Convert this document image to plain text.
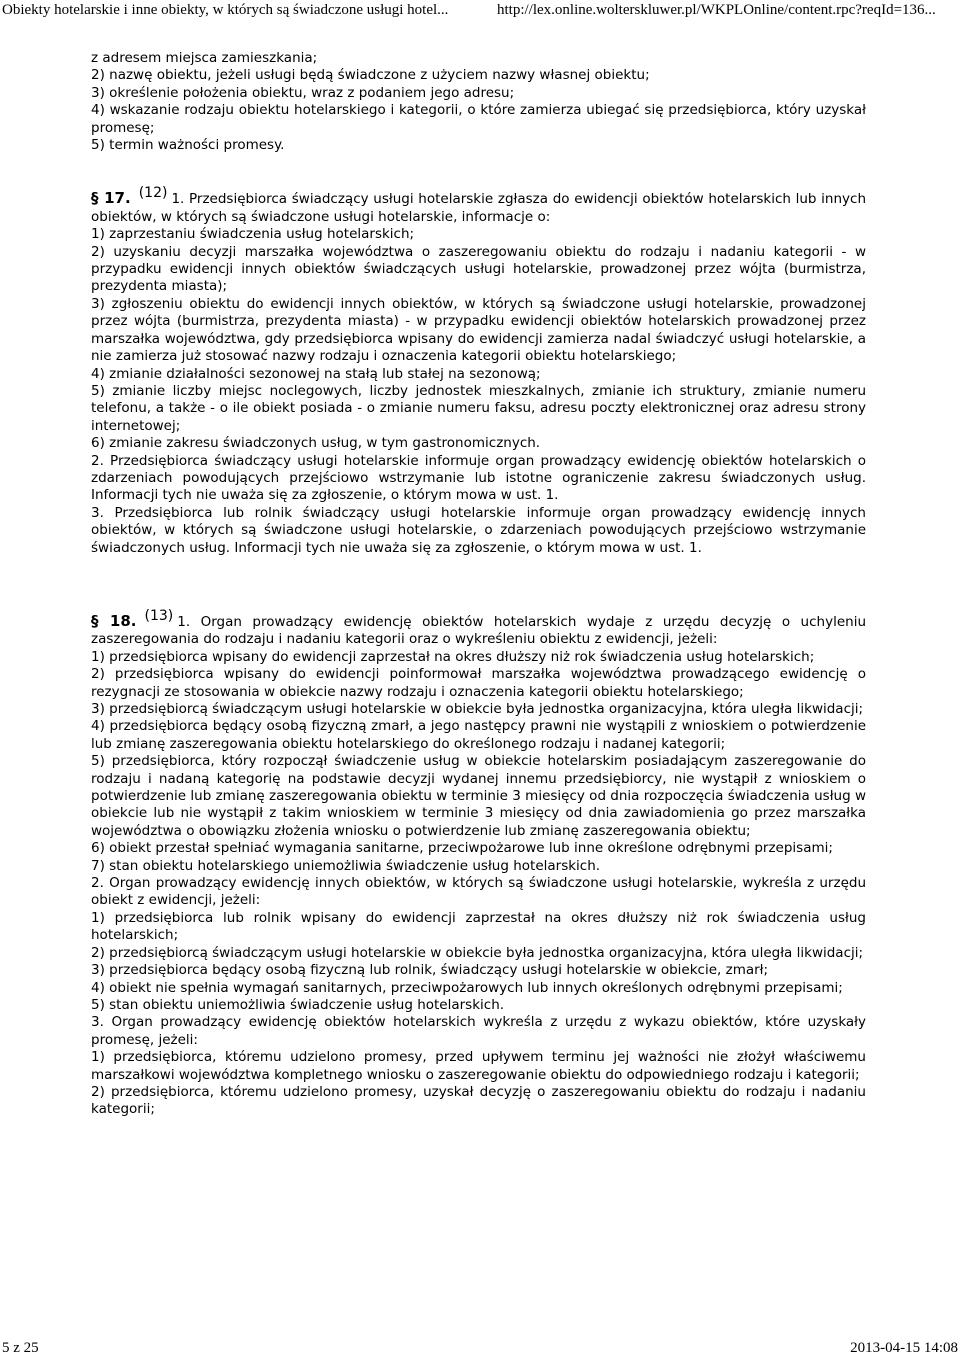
Obiekty hotelarskie i inne obiekty, w których są świadczone usługi hotel...	http://lex.online.wolterskluwer.pl/WKPLOnline/content.rpc?reqId=136...

z adresem miejsca zamieszkania;

2) nazwę obiektu, jeżeli usługi będą świadczone z użyciem nazwy własnej obiektu;

3) określenie położenia obiektu, wraz z podaniem jego adresu;

4) wskazanie rodzaju obiektu hotelarskiego i kategorii, o które zamierza ubiegać się przedsiębiorca, który uzyskał promesę;

5) termin ważności promesy.

§ 17. (12) 1. Przedsiębiorca świadczący usługi hotelarskie zgłasza do ewidencji obiektów hotelarskich lub innych obiektów, w których są świadczone usługi hotelarskie, informacje o:

1) zaprzestaniu świadczenia usług hotelarskich;

2) uzyskaniu decyzji marszałka województwa o zaszeregowaniu obiektu do rodzaju i nadaniu kategorii - w przypadku ewidencji innych obiektów świadczących usługi hotelarskie, prowadzonej przez wójta (burmistrza, prezydenta miasta);

3) zgłoszeniu obiektu do ewidencji innych obiektów, w których są świadczone usługi hotelarskie, prowadzonej przez wójta (burmistrza, prezydenta miasta) - w przypadku ewidencji obiektów hotelarskich prowadzonej przez marszałka województwa, gdy przedsiębiorca wpisany do ewidencji zamierza nadal świadczyć usługi hotelarskie, a nie zamierza już stosować nazwy rodzaju i oznaczenia kategorii obiektu hotelarskiego;

4) zmianie działalności sezonowej na stałą lub stałej na sezonową;

5) zmianie liczby miejsc noclegowych, liczby jednostek mieszkalnych, zmianie ich struktury, zmianie numeru telefonu, a także - o ile obiekt posiada - o zmianie numeru faksu, adresu poczty elektronicznej oraz adresu strony internetowej;

6) zmianie zakresu świadczonych usług, w tym gastronomicznych.

2. Przedsiębiorca świadczący usługi hotelarskie informuje organ prowadzący ewidencję obiektów hotelarskich o zdarzeniach powodujących przejściowo wstrzymanie lub istotne ograniczenie zakresu świadczonych usług. Informacji tych nie uważa się za zgłoszenie, o którym mowa w ust. 1.

3. Przedsiębiorca lub rolnik świadczący usługi hotelarskie informuje organ prowadzący ewidencję innych obiektów, w których są świadczone usługi hotelarskie, o zdarzeniach powodujących przejściowo wstrzymanie świadczonych usług. Informacji tych nie uważa się za zgłoszenie, o którym mowa w ust. 1.

§ 18. (13) 1. Organ prowadzący ewidencję obiektów hotelarskich wydaje z urzędu decyzję o uchyleniu zaszeregowania do rodzaju i nadaniu kategorii oraz o wykreśleniu obiektu z ewidencji, jeżeli:

1) przedsiębiorca wpisany do ewidencji zaprzestał na okres dłuższy niż rok świadczenia usług hotelarskich;

2) przedsiębiorca wpisany do ewidencji poinformował marszałka województwa prowadzącego ewidencję o rezygnacji ze stosowania w obiekcie nazwy rodzaju i oznaczenia kategorii obiektu hotelarskiego;

3) przedsiębiorcą świadczącym usługi hotelarskie w obiekcie była jednostka organizacyjna, która uległa likwidacji;

4) przedsiębiorca będący osobą fizyczną zmarł, a jego następcy prawni nie wystąpili z wnioskiem o potwierdzenie lub zmianę zaszeregowania obiektu hotelarskiego do określonego rodzaju i nadanej kategorii;

5) przedsiębiorca, który rozpoczął świadczenie usług w obiekcie hotelarskim posiadającym zaszeregowanie do rodzaju i nadaną kategorię na podstawie decyzji wydanej innemu przedsiębiorcy, nie wystąpił z wnioskiem o potwierdzenie lub zmianę zaszeregowania obiektu w terminie 3 miesięcy od dnia rozpoczęcia świadczenia usług w obiekcie lub nie wystąpił z takim wnioskiem w terminie 3 miesięcy od dnia zawiadomienia go przez marszałka województwa o obowiązku złożenia wniosku o potwierdzenie lub zmianę zaszeregowania obiektu;

6) obiekt przestał spełniać wymagania sanitarne, przeciwpożarowe lub inne określone odrębnymi przepisami;

7) stan obiektu hotelarskiego uniemożliwia świadczenie usług hotelarskich.

2. Organ prowadzący ewidencję innych obiektów, w których są świadczone usługi hotelarskie, wykreśla z urzędu obiekt z ewidencji, jeżeli:

1) przedsiębiorca lub rolnik wpisany do ewidencji zaprzestał na okres dłuższy niż rok świadczenia usług hotelarskich;

2) przedsiębiorcą świadczącym usługi hotelarskie w obiekcie była jednostka organizacyjna, która uległa likwidacji;

3) przedsiębiorca będący osobą fizyczną lub rolnik, świadczący usługi hotelarskie w obiekcie, zmarł;

4) obiekt nie spełnia wymagań sanitarnych, przeciwpożarowych lub innych określonych odrębnymi przepisami;

5) stan obiektu uniemożliwia świadczenie usług hotelarskich.

3. Organ prowadzący ewidencję obiektów hotelarskich wykreśla z urzędu z wykazu obiektów, które uzyskały promesę, jeżeli:

1) przedsiębiorca, któremu udzielono promesy, przed upływem terminu jej ważności nie złożył właściwemu marszałkowi województwa kompletnego wniosku o zaszeregowanie obiektu do odpowiedniego rodzaju i kategorii;

2) przedsiębiorca, któremu udzielono promesy, uzyskał decyzję o zaszeregowaniu obiektu do rodzaju i nadaniu kategorii;

5 z 25	2013-04-15 14:08
